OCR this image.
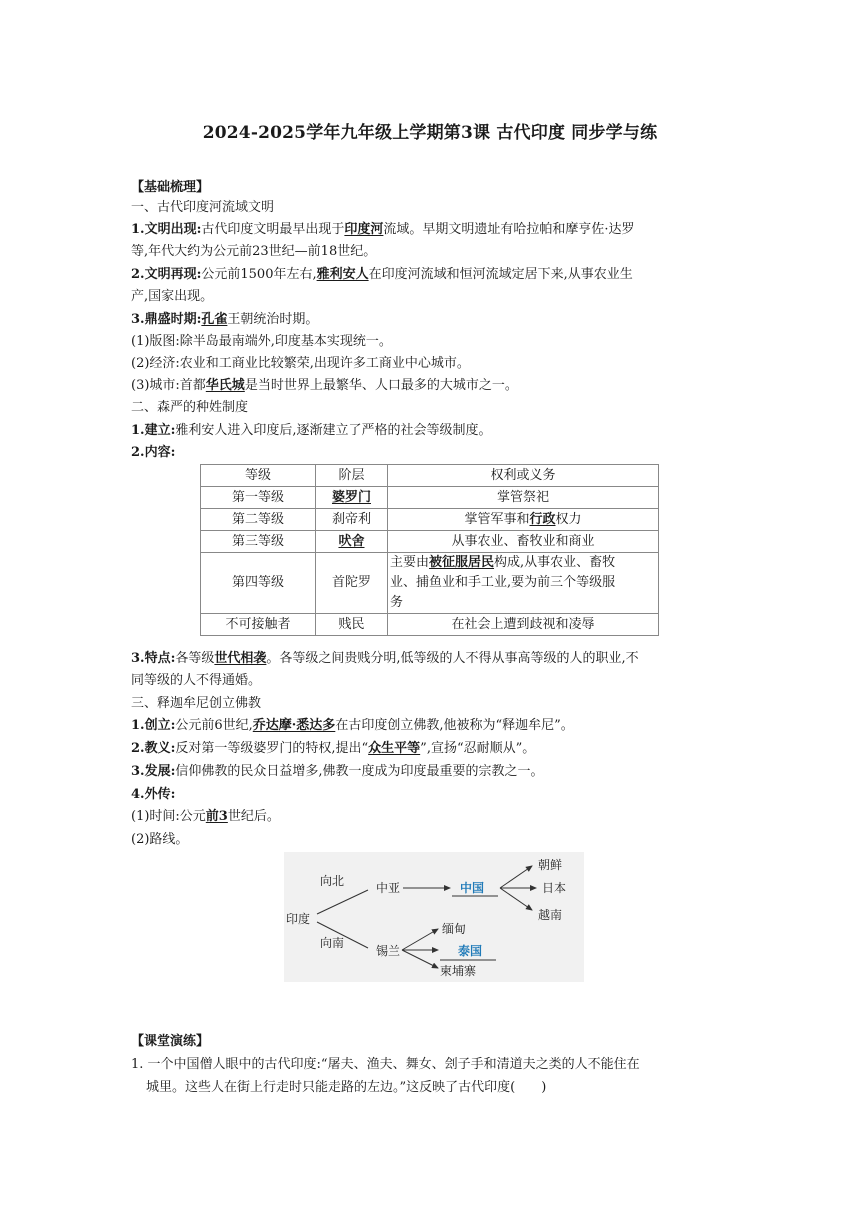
2024-2025学年九年级上学期第3课 古代印度 同步学与练
【基础梳理】
一、古代印度河流域文明
1.文明出现:古代印度文明最早出现于印度河流域。早期文明遗址有哈拉帕和摩亨佐·达罗
等,年代大约为公元前23世纪—前18世纪。
2.文明再现:公元前1500年左右,雅利安人在印度河流域和恒河流域定居下来,从事农业生
产,国家出现。
3.鼎盛时期:孔雀王朝统治时期。
(1)版图:除半岛最南端外,印度基本实现统一。
(2)经济:农业和工商业比较繁荣,出现许多工商业中心城市。
(3)城市:首都华氏城是当时世界上最繁华、人口最多的大城市之一。
二、森严的种姓制度
1.建立:雅利安人进入印度后,逐渐建立了严格的社会等级制度。
2.内容:
等级	阶层	权利或义务
第一等级	婆罗门	掌管祭祀
第二等级	刹帝利	掌管军事和行政权力
第三等级	吠舍	从事农业、畜牧业和商业
第四等级	首陀罗	主要由被征服居民构成,从事农业、畜牧
业、捕鱼业和手工业,要为前三个等级服
务

不可接触者	贱民	在社会上遭到歧视和凌辱
3.特点:各等级世代相袭。各等级之间贵贱分明,低等级的人不得从事高等级的人的职业,不
同等级的人不得通婚。
三、释迦牟尼创立佛教
1.创立:公元前6世纪,乔达摩·悉达多在古印度创立佛教,他被称为“释迦牟尼”。
2.教义:反对第一等级婆罗门的特权,提出“众生平等”,宣扬“忍耐顺从”。
3.发展:信仰佛教的民众日益增多,佛教一度成为印度最重要的宗教之一。
4.外传:
(1)时间:公元前3世纪后。
(2)路线。
向北
印度
向南
中亚	中国
朝鲜
日本
越南
锡兰
缅甸
泰国
柬埔寨
【课堂演练】
1. 一个中国僧人眼中的古代印度:“屠夫、渔夫、舞女、刽子手和清道夫之类的人不能住在
城里。这些人在街上行走时只能走路的左边。”这反映了古代印度(　　)
